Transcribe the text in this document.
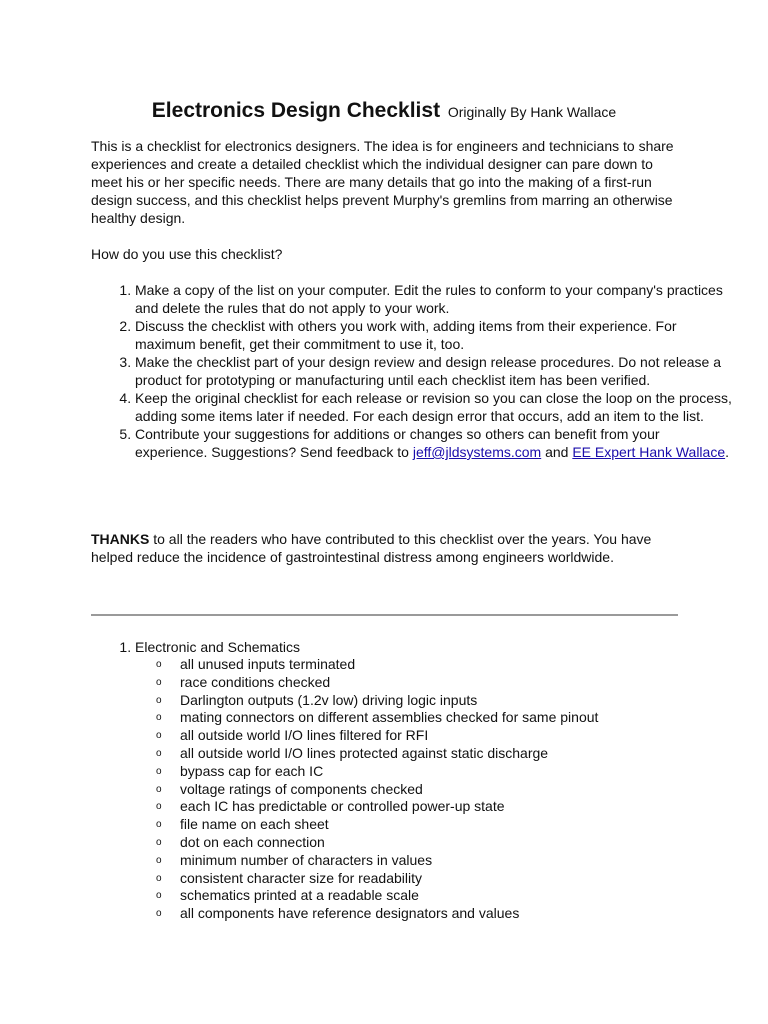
Electronics Design Checklist Originally By Hank Wallace

This is a checklist for electronics designers. The idea is for engineers and technicians to share experiences and create a detailed checklist which the individual designer can pare down to meet his or her specific needs. There are many details that go into the making of a first-run design success, and this checklist helps prevent Murphy's gremlins from marring an otherwise healthy design.

How do you use this checklist?

1. Make a copy of the list on your computer. Edit the rules to conform to your company's practices and delete the rules that do not apply to your work.
2. Discuss the checklist with others you work with, adding items from their experience. For maximum benefit, get their commitment to use it, too.
3. Make the checklist part of your design review and design release procedures. Do not release a product for prototyping or manufacturing until each checklist item has been verified.
4. Keep the original checklist for each release or revision so you can close the loop on the process, adding some items later if needed. For each design error that occurs, add an item to the list.
5. Contribute your suggestions for additions or changes so others can benefit from your experience. Suggestions? Send feedback to jeff@jldsystems.com and EE Expert Hank Wallace.

THANKS to all the readers who have contributed to this checklist over the years. You have helped reduce the incidence of gastrointestinal distress among engineers worldwide.

1. Electronic and Schematics
o all unused inputs terminated
o race conditions checked
o Darlington outputs (1.2v low) driving logic inputs
o mating connectors on different assemblies checked for same pinout
o all outside world I/O lines filtered for RFI
o all outside world I/O lines protected against static discharge
o bypass cap for each IC
o voltage ratings of components checked
o each IC has predictable or controlled power-up state
o file name on each sheet
o dot on each connection
o minimum number of characters in values
o consistent character size for readability
o schematics printed at a readable scale
o all components have reference designators and values
